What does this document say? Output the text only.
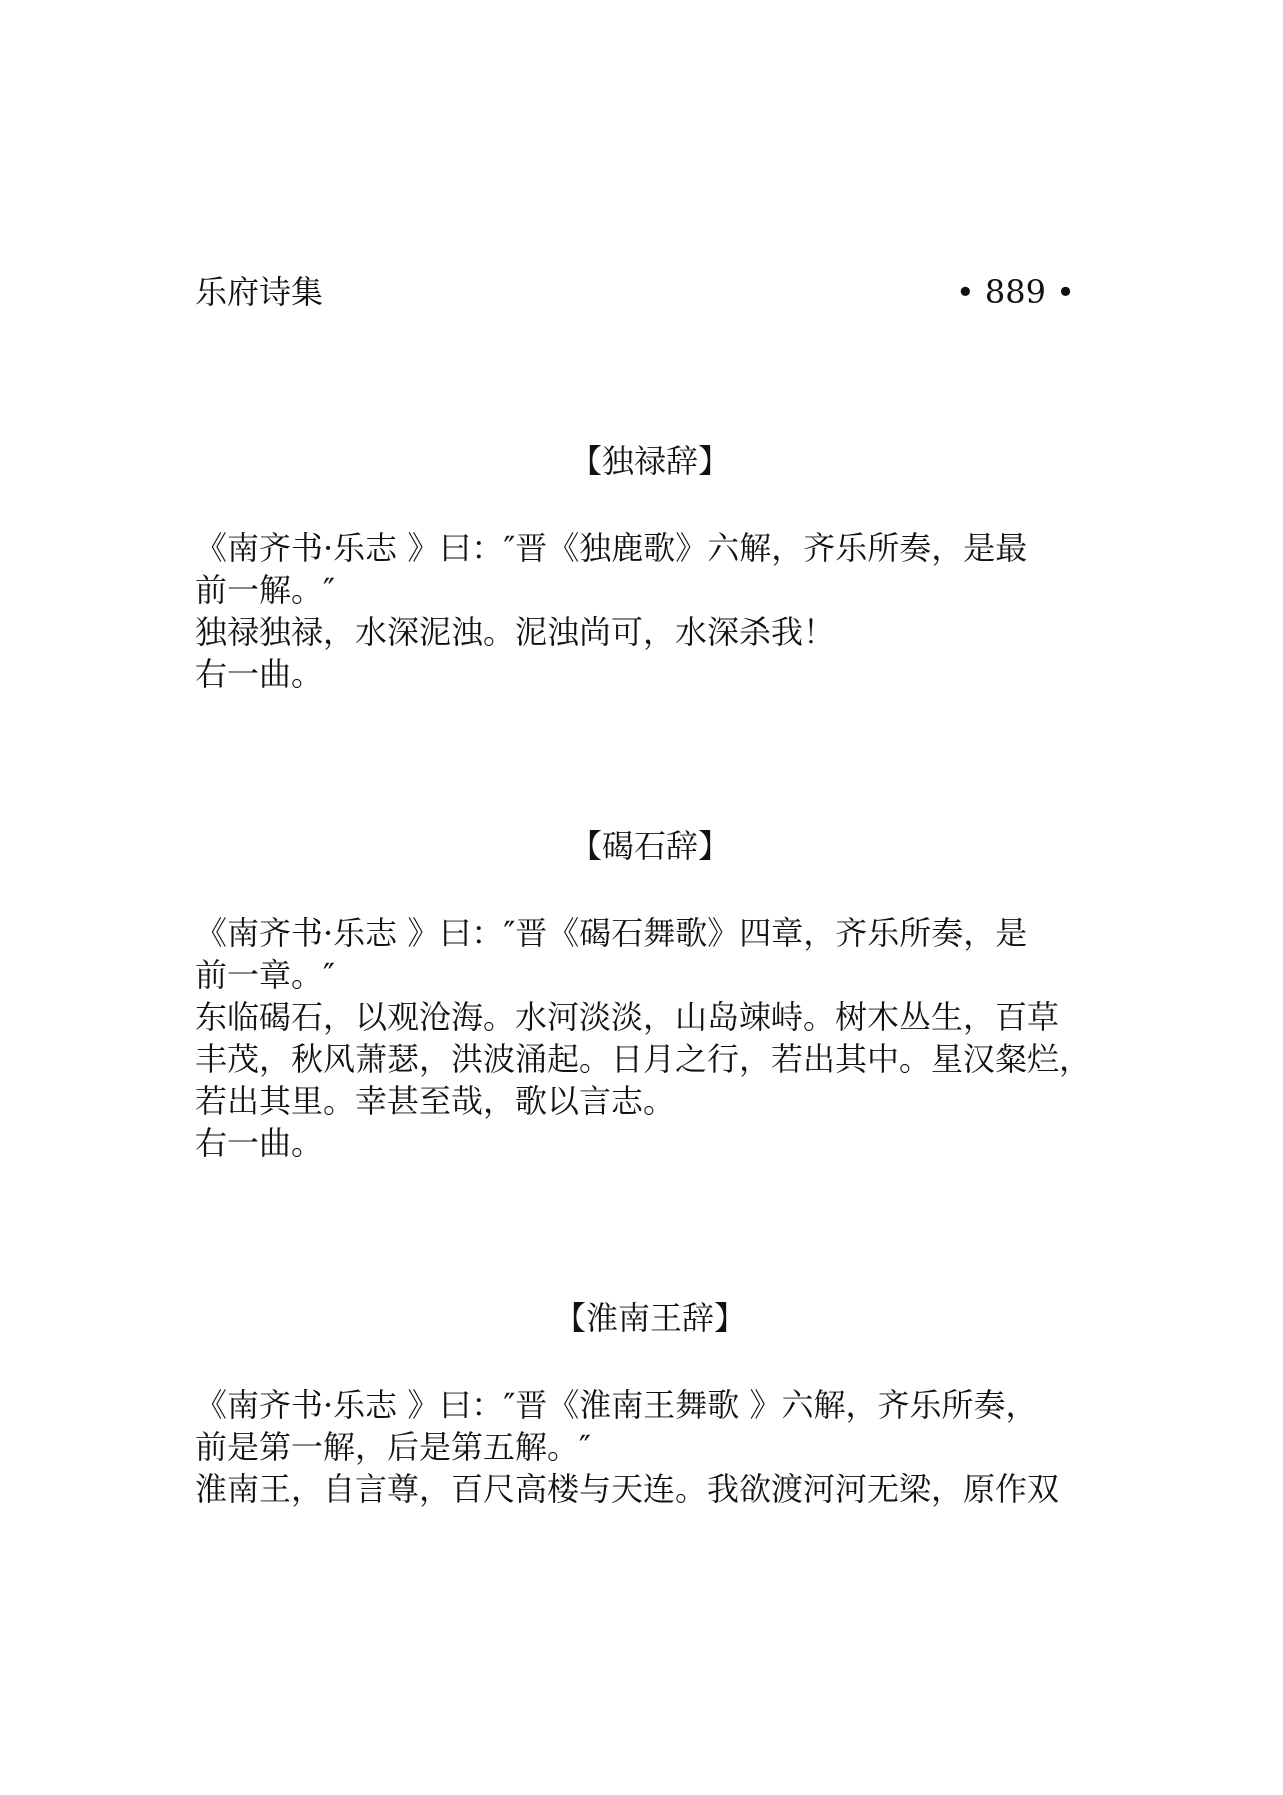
乐府诗集	• 889 •
【独禄辞】

《南齐书·乐志 》曰：″晋《独鹿歌》六解，齐乐所奏，是最

前一解。″

独禄独禄，水深泥浊。泥浊尚可，水深杀我！

右一曲。

【碣石辞】

《南齐书·乐志 》曰：″晋《碣石舞歌》四章，齐乐所奏，是

前一章。″

东临碣石，以观沧海。水河淡淡，山岛竦峙。树木丛生，百草

丰茂，秋风萧瑟，洪波涌起。日月之行，若出其中。星汉粲烂，

若出其里。幸甚至哉，歌以言志。

右一曲。

【淮南王辞】

《南齐书·乐志 》曰：″晋《淮南王舞歌 》六解，齐乐所奏，

前是第一解，后是第五解。″

淮南王，自言尊，百尺高楼与天连。我欲渡河河无梁，原作双
